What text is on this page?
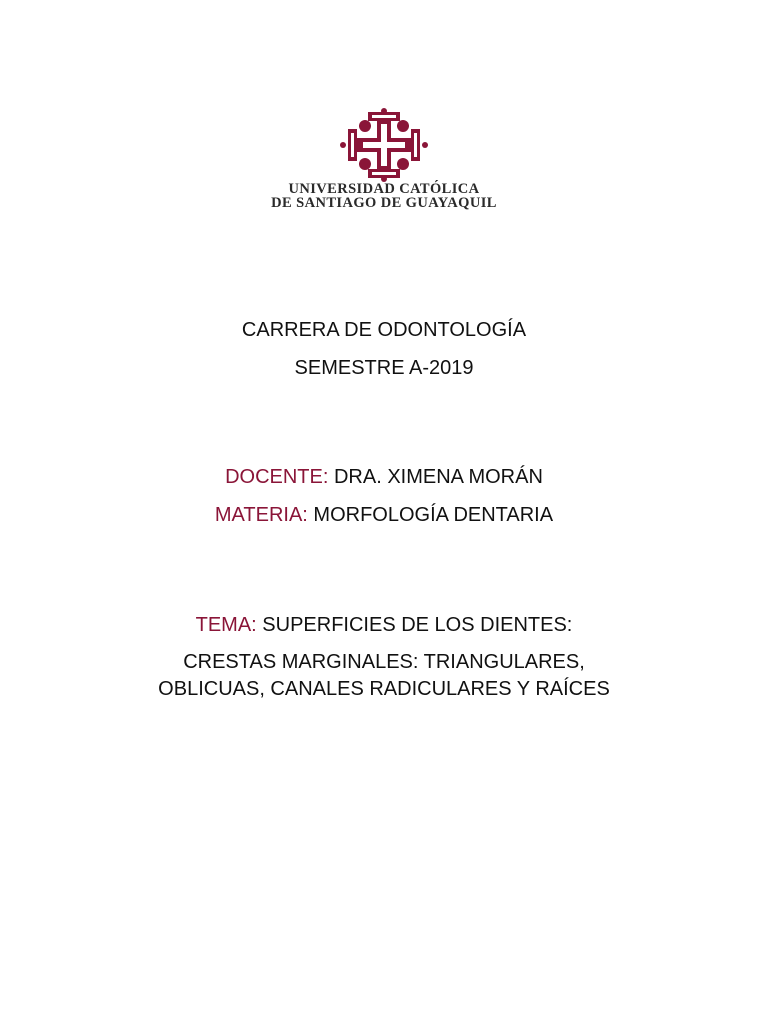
UNIVERSIDAD CATÓLICA
DE SANTIAGO DE GUAYAQUIL
CARRERA DE ODONTOLOGÍA
SEMESTRE A-2019
DOCENTE: DRA. XIMENA MORÁN
MATERIA: MORFOLOGÍA DENTARIA
TEMA: SUPERFICIES DE LOS DIENTES:
CRESTAS MARGINALES: TRIANGULARES,
OBLICUAS, CANALES RADICULARES Y RAÍCES
